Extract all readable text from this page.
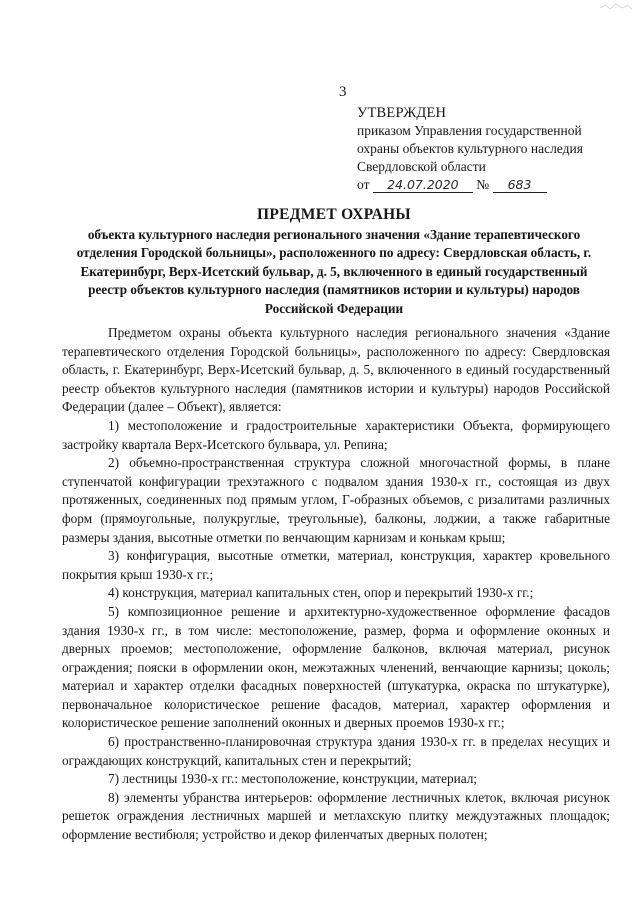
3
УТВЕРЖДЕН
приказом Управления государственной
охраны объектов культурного наследия
Свердловской области
от 24.07.2020 № 683
ПРЕДМЕТ ОХРАНЫ
объекта культурного наследия регионального значения «Здание терапевтического отделения Городской больницы», расположенного по адресу: Свердловская область, г. Екатеринбург, Верх-Исетский бульвар, д. 5, включенного в единый государственный реестр объектов культурного наследия (памятников истории и культуры) народов Российской Федерации

Предметом охраны объекта культурного наследия регионального значения «Здание терапевтического отделения Городской больницы», расположенного по адресу: Свердловская область, г. Екатеринбург, Верх-Исетский бульвар, д. 5, включенного в единый государственный реестр объектов культурного наследия (памятников истории и культуры) народов Российской Федерации (далее – Объект), является:

1) местоположение и градостроительные характеристики Объекта, формирующего застройку квартала Верх-Исетского бульвара, ул. Репина;

2) объемно-пространственная структура сложной многочастной формы, в плане ступенчатой конфигурации трехэтажного с подвалом здания 1930-х гг., состоящая из двух протяженных, соединенных под прямым углом, Г-образных объемов, с ризалитами различных форм (прямоугольные, полукруглые, треугольные), балконы, лоджии, а также габаритные размеры здания, высотные отметки по венчающим карнизам и конькам крыш;

3) конфигурация, высотные отметки, материал, конструкция, характер кровельного покрытия крыш 1930-х гг.;

4) конструкция, материал капитальных стен, опор и перекрытий 1930-х гг.;

5) композиционное решение и архитектурно-художественное оформление фасадов здания 1930-х гг., в том числе: местоположение, размер, форма и оформление оконных и дверных проемов; местоположение, оформление балконов, включая материал, рисунок ограждения; пояски в оформлении окон, межэтажных членений, венчающие карнизы; цоколь; материал и характер отделки фасадных поверхностей (штукатурка, окраска по штукатурке), первоначальное колористическое решение фасадов, материал, характер оформления и колористическое решение заполнений оконных и дверных проемов 1930-х гг.;

6) пространственно-планировочная структура здания 1930-х гг. в пределах несущих и ограждающих конструкций, капитальных стен и перекрытий;

7) лестницы 1930-х гг.: местоположение, конструкции, материал;

8) элементы убранства интерьеров: оформление лестничных клеток, включая рисунок решеток ограждения лестничных маршей и метлахскую плитку междуэтажных площадок; оформление вестибюля; устройство и декор филенчатых дверных полотен;
